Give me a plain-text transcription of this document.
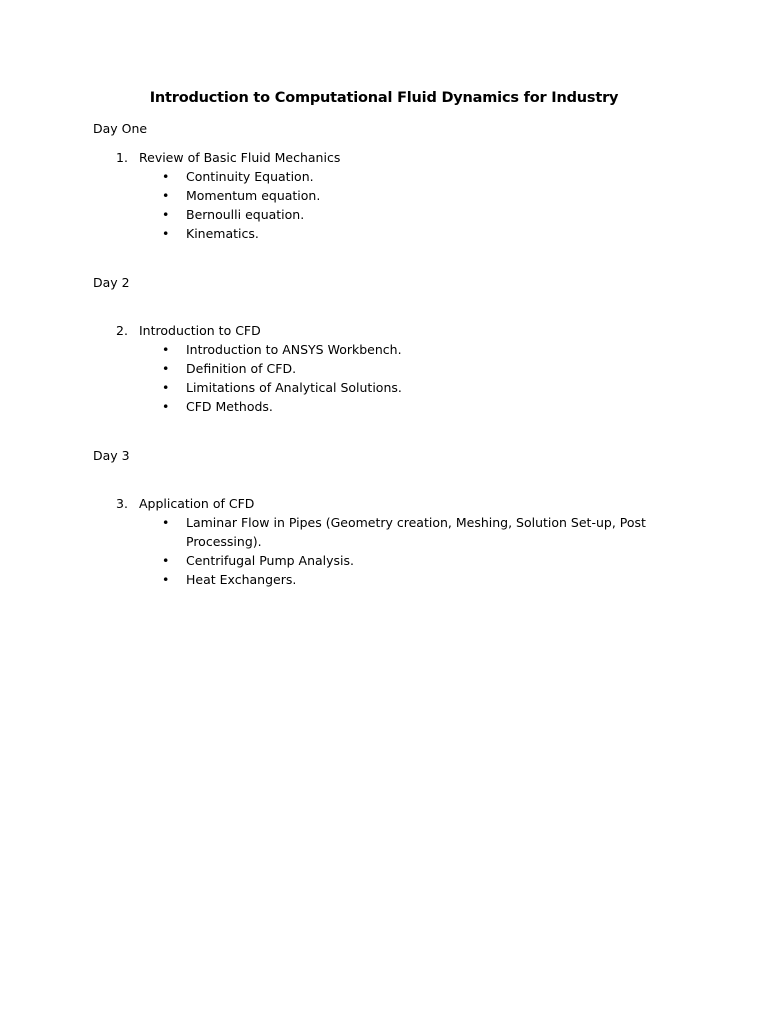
Introduction to Computational Fluid Dynamics for Industry

Day One

1. Review of Basic Fluid Mechanics
• Continuity Equation.
• Momentum equation.
• Bernoulli equation.
• Kinematics.

Day 2

2. Introduction to CFD
• Introduction to ANSYS Workbench.
• Definition of CFD.
• Limitations of Analytical Solutions.
• CFD Methods.

Day 3

3. Application of CFD
• Laminar Flow in Pipes (Geometry creation, Meshing, Solution Set-up, Post Processing).
• Centrifugal Pump Analysis.
• Heat Exchangers.
